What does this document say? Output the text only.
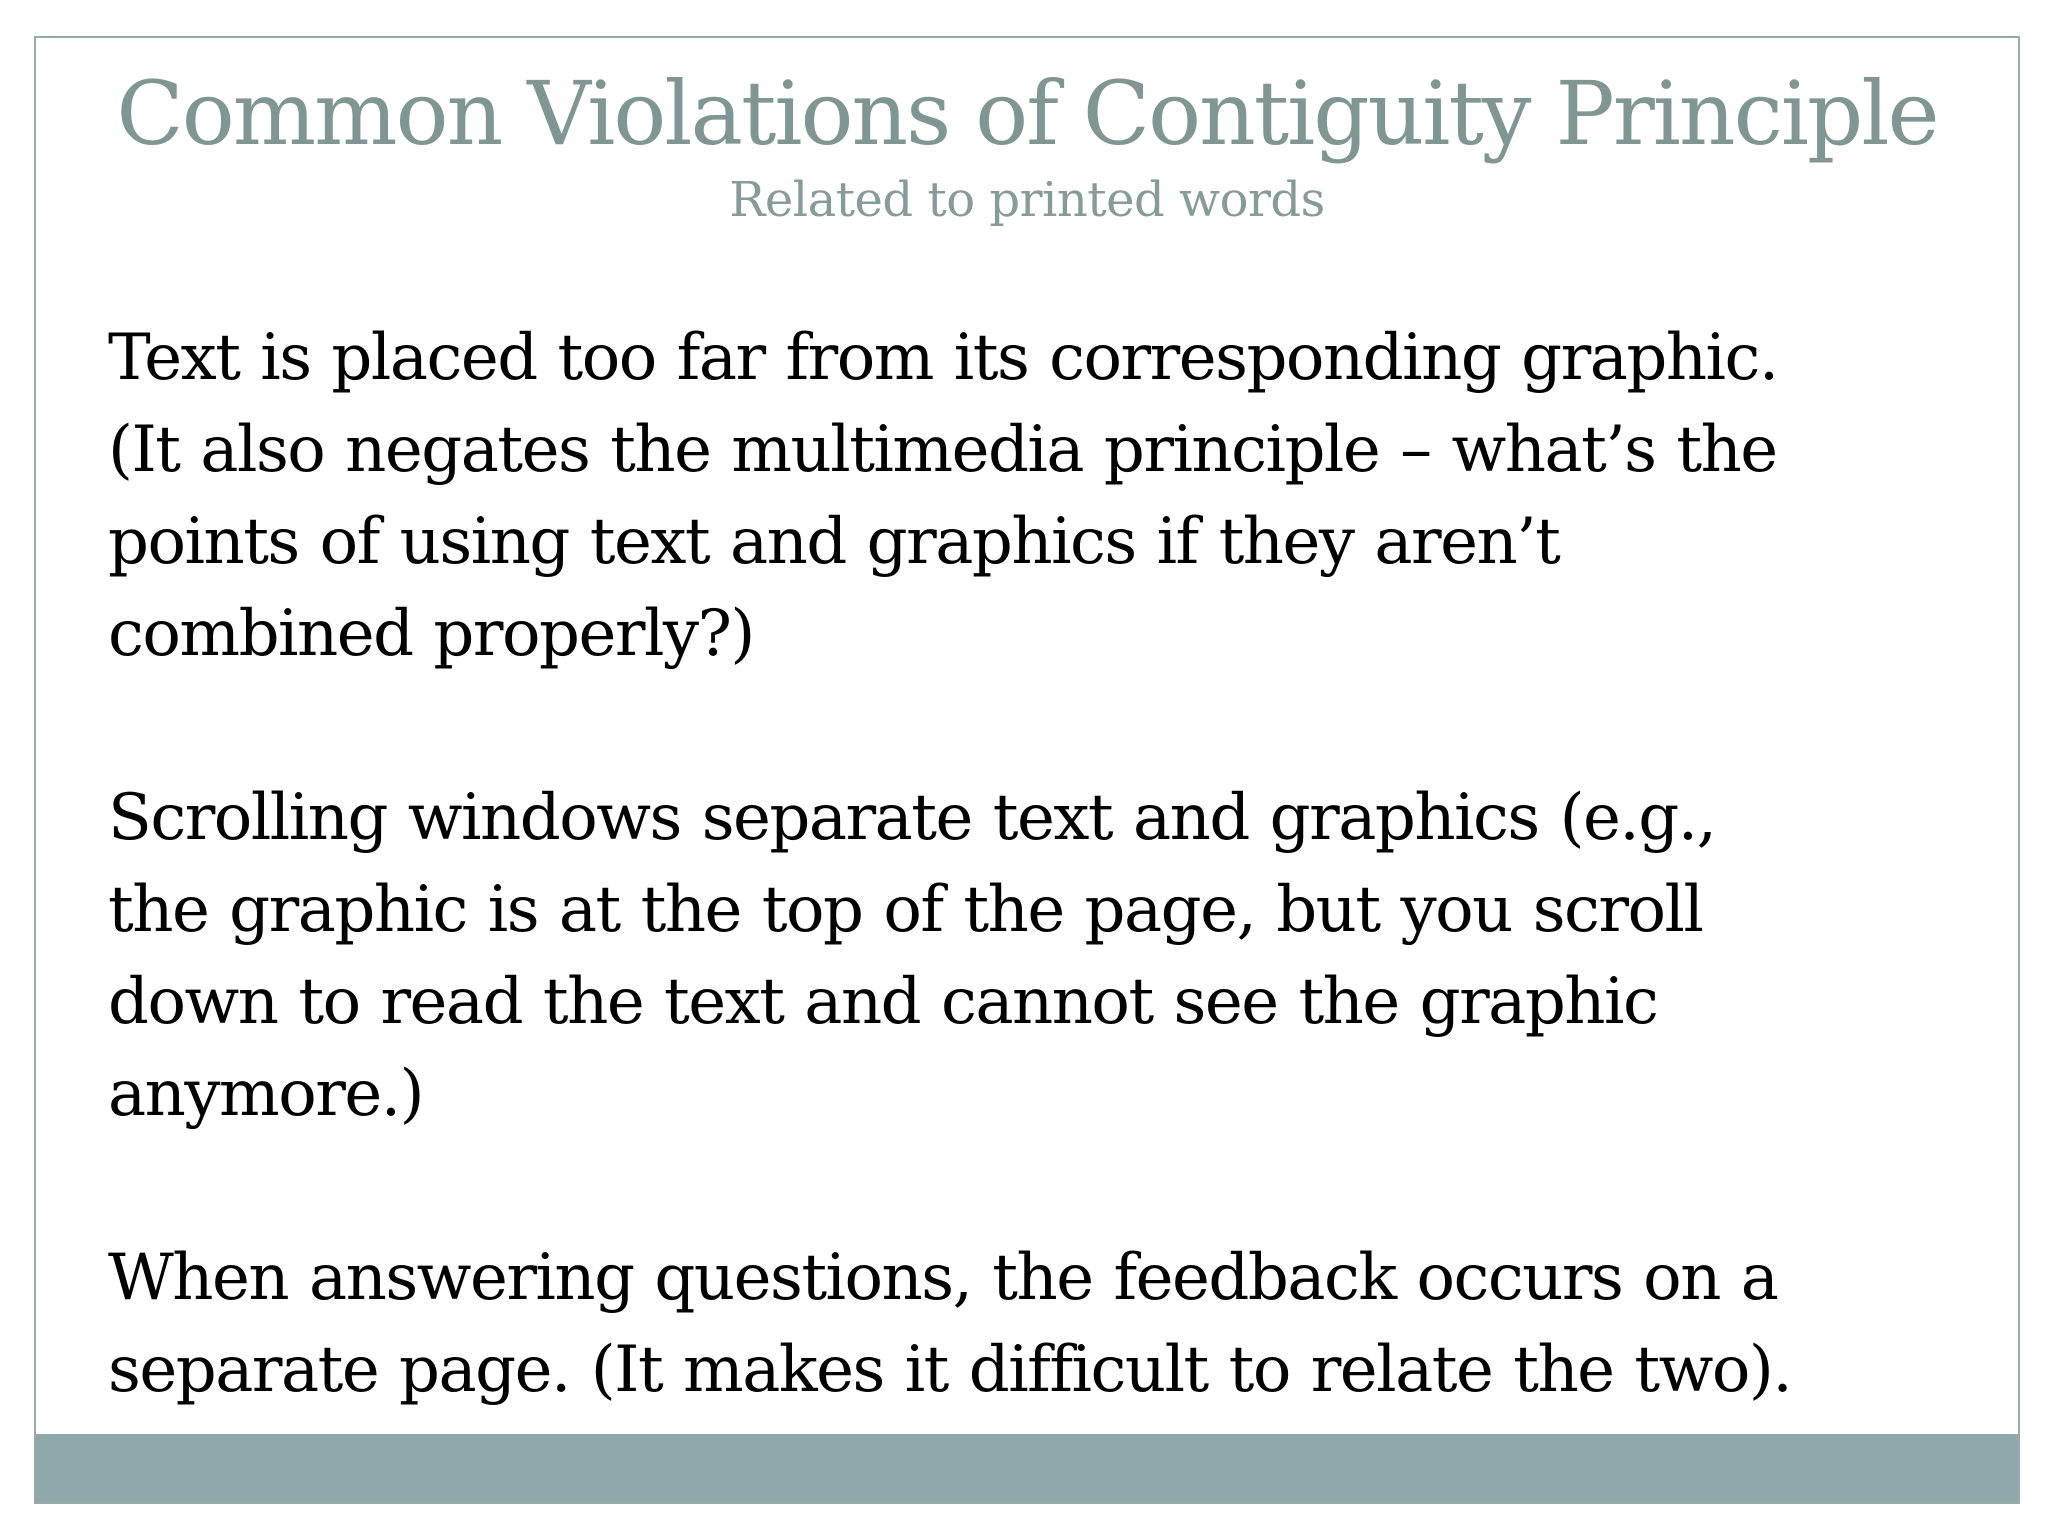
Common Violations of Contiguity Principle

Related to printed words

Text is placed too far from its corresponding graphic.
(It also negates the multimedia principle – what’s the
points of using text and graphics if they aren’t
combined properly?)

Scrolling windows separate text and graphics (e.g.,
the graphic is at the top of the page, but you scroll
down to read the text and cannot see the graphic
anymore.)

When answering questions, the feedback occurs on a
separate page. (It makes it difficult to relate the two).
